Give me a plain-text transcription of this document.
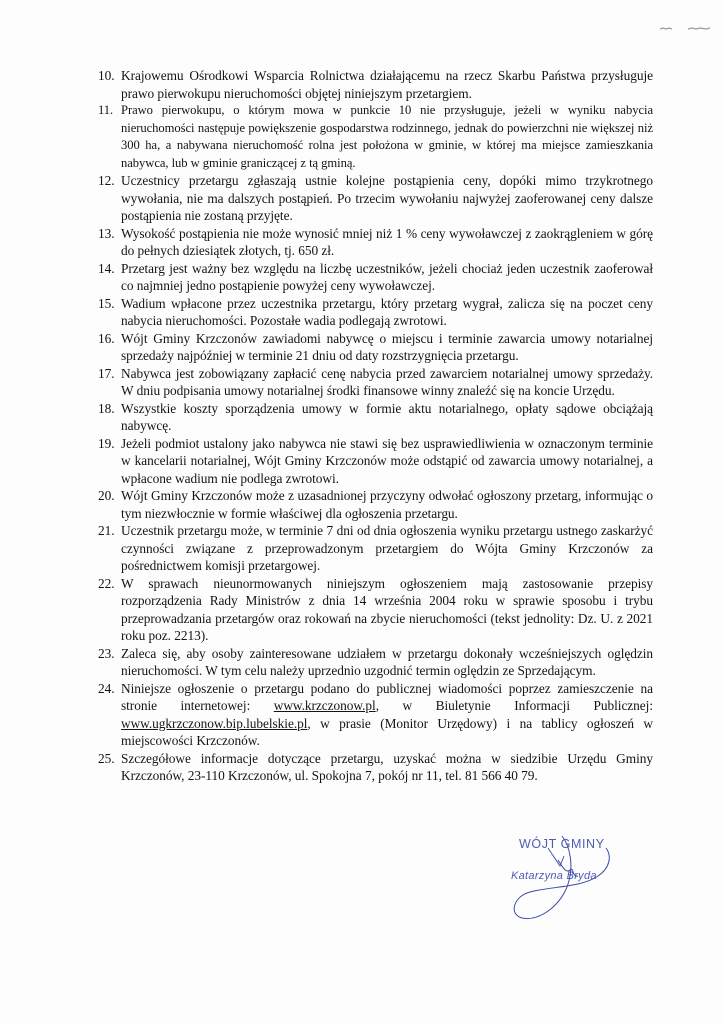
10. Krajowemu Ośrodkowi Wsparcia Rolnictwa działającemu na rzecz Skarbu Państwa przysługuje prawo pierwokupu nieruchomości objętej niniejszym przetargiem.
11. Prawo pierwokupu, o którym mowa w punkcie 10 nie przysługuje, jeżeli w wyniku nabycia nieruchomości następuje powiększenie gospodarstwa rodzinnego, jednak do powierzchni nie większej niż 300 ha, a nabywana nieruchomość rolna jest położona w gminie, w której ma miejsce zamieszkania nabywca, lub w gminie graniczącej z tą gminą.
12. Uczestnicy przetargu zgłaszają ustnie kolejne postąpienia ceny, dopóki mimo trzykrotnego wywołania, nie ma dalszych postąpień. Po trzecim wywołaniu najwyżej zaoferowanej ceny dalsze postąpienia nie zostaną przyjęte.
13. Wysokość postąpienia nie może wynosić mniej niż 1 % ceny wywoławczej z zaokrągleniem w górę do pełnych dziesiątek złotych, tj. 650 zł.
14. Przetarg jest ważny bez względu na liczbę uczestników, jeżeli chociaż jeden uczestnik zaoferował co najmniej jedno postąpienie powyżej ceny wywoławczej.
15. Wadium wpłacone przez uczestnika przetargu, który przetarg wygrał, zalicza się na poczet ceny nabycia nieruchomości. Pozostałe wadia podlegają zwrotowi.
16. Wójt Gminy Krzczonów zawiadomi nabywcę o miejscu i terminie zawarcia umowy notarialnej sprzedaży najpóźniej w terminie 21 dniu od daty rozstrzygnięcia przetargu.
17. Nabywca jest zobowiązany zapłacić cenę nabycia przed zawarciem notarialnej umowy sprzedaży. W dniu podpisania umowy notarialnej środki finansowe winny znaleźć się na koncie Urzędu.
18. Wszystkie koszty sporządzenia umowy w formie aktu notarialnego, opłaty sądowe obciążają nabywcę.
19. Jeżeli podmiot ustalony jako nabywca nie stawi się bez usprawiedliwienia w oznaczonym terminie w kancelarii notarialnej, Wójt Gminy Krzczonów może odstąpić od zawarcia umowy notarialnej, a wpłacone wadium nie podlega zwrotowi.
20. Wójt Gminy Krzczonów może z uzasadnionej przyczyny odwołać ogłoszony przetarg, informując o tym niezwłocznie w formie właściwej dla ogłoszenia przetargu.
21. Uczestnik przetargu może, w terminie 7 dni od dnia ogłoszenia wyniku przetargu ustnego zaskarżyć czynności związane z przeprowadzonym przetargiem do Wójta Gminy Krzczonów za pośrednictwem komisji przetargowej.
22. W sprawach nieunormowanych niniejszym ogłoszeniem mają zastosowanie przepisy rozporządzenia Rady Ministrów z dnia 14 września 2004 roku w sprawie sposobu i trybu przeprowadzania przetargów oraz rokowań na zbycie nieruchomości (tekst jednolity: Dz. U. z 2021 roku poz. 2213).
23. Zaleca się, aby osoby zainteresowane udziałem w przetargu dokonały wcześniejszych oględzin nieruchomości. W tym celu należy uprzednio uzgodnić termin oględzin ze Sprzedającym.
24. Niniejsze ogłoszenie o przetargu podano do publicznej wiadomości poprzez zamieszczenie na stronie internetowej: www.krzczonow.pl, w Biuletynie Informacji Publicznej: www.ugkrzczonow.bip.lubelskie.pl, w prasie (Monitor Urzędowy) i na tablicy ogłoszeń w miejscowości Krzczonów.
25. Szczegółowe informacje dotyczące przetargu, uzyskać można w siedzibie Urzędu Gminy Krzczonów, 23-110 Krzczonów, ul. Spokojna 7, pokój nr 11, tel. 81 566 40 79.
WÓJT GMINY
Katarzyna Bryda
